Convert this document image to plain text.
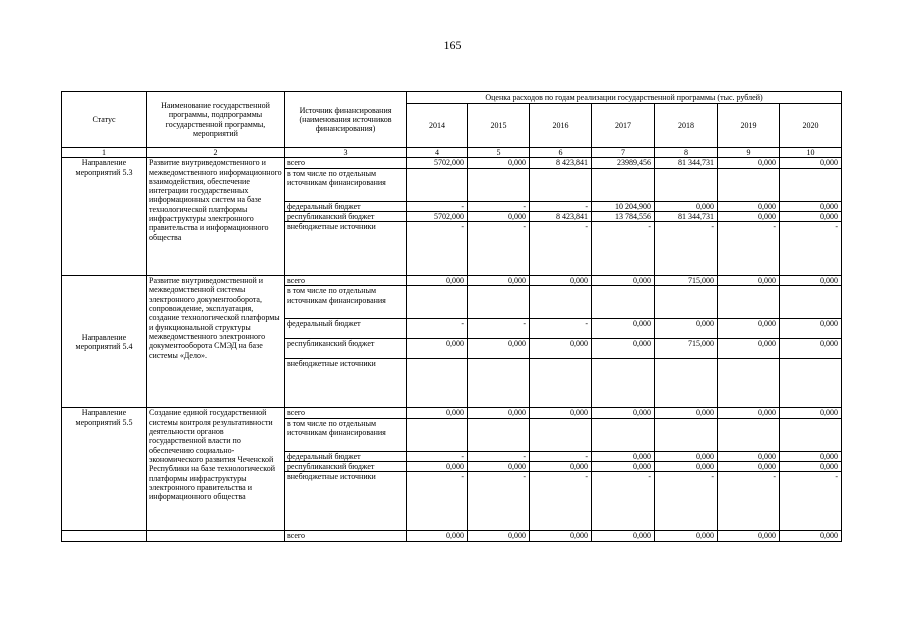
165
Статус	Наименование государственной программы, подпрограммы государственной программы, мероприятий	Источник финансирования (наименования источников финансирования)	Оценка расходов по годам реализации государственной программы (тыс. рублей)						
			2014	2015	2016	2017	2018	2019	2020
1	2	3	4	5	6	7	8	9	10
Направление мероприятий 5.3	Развитие внутриведомственного и межведомственного информационного взаимодействия, обеспечение интеграции государственных информационных систем на базе технологической платформы инфраструктуры электронного правительства и информационного общества	всего	5702,000	0,000	8 423,841	23989,456	81 344,731	0,000	0,000
		в том числе по отдельным источникам финансирования							
		федеральный бюджет	-	-	-	10 204,900	0,000	0,000	0,000
		республиканский бюджет	5702,000	0,000	8 423,841	13 784,556	81 344,731	0,000	0,000
		внебюджетные источники	-	-	-	-	-	-	-
Направление мероприятий 5.4	Развитие внутриведомственной и межведомственной системы электронного документооборота, сопровождение, эксплуатация, создание технологической платформы и функциональной структуры межведомственного электронного документооборота СМЭД на базе системы «Дело».	всего	0,000	0,000	0,000	0,000	715,000	0,000	0,000
		в том числе по отдельным источникам финансирования							
		федеральный бюджет	-	-	-	0,000	0,000	0,000	0,000
		республиканский бюджет	0,000	0,000	0,000	0,000	715,000	0,000	0,000
		внебюджетные источники							
Направление мероприятий 5.5	Создание единой государственной системы контроля результативности деятельности органов государственной власти по обеспечению социально-экономического развития Чеченской Республики на базе технологической платформы инфраструктуры электронного правительства и информационного общества	всего	0,000	0,000	0,000	0,000	0,000	0,000	0,000
		в том числе по отдельным источникам финансирования							
		федеральный бюджет	-	-	-	0,000	0,000	0,000	0,000
		республиканский бюджет	0,000	0,000	0,000	0,000	0,000	0,000	0,000
		внебюджетные источники	-	-	-	-	-	-	-
		всего	0,000	0,000	0,000	0,000	0,000	0,000	0,000
